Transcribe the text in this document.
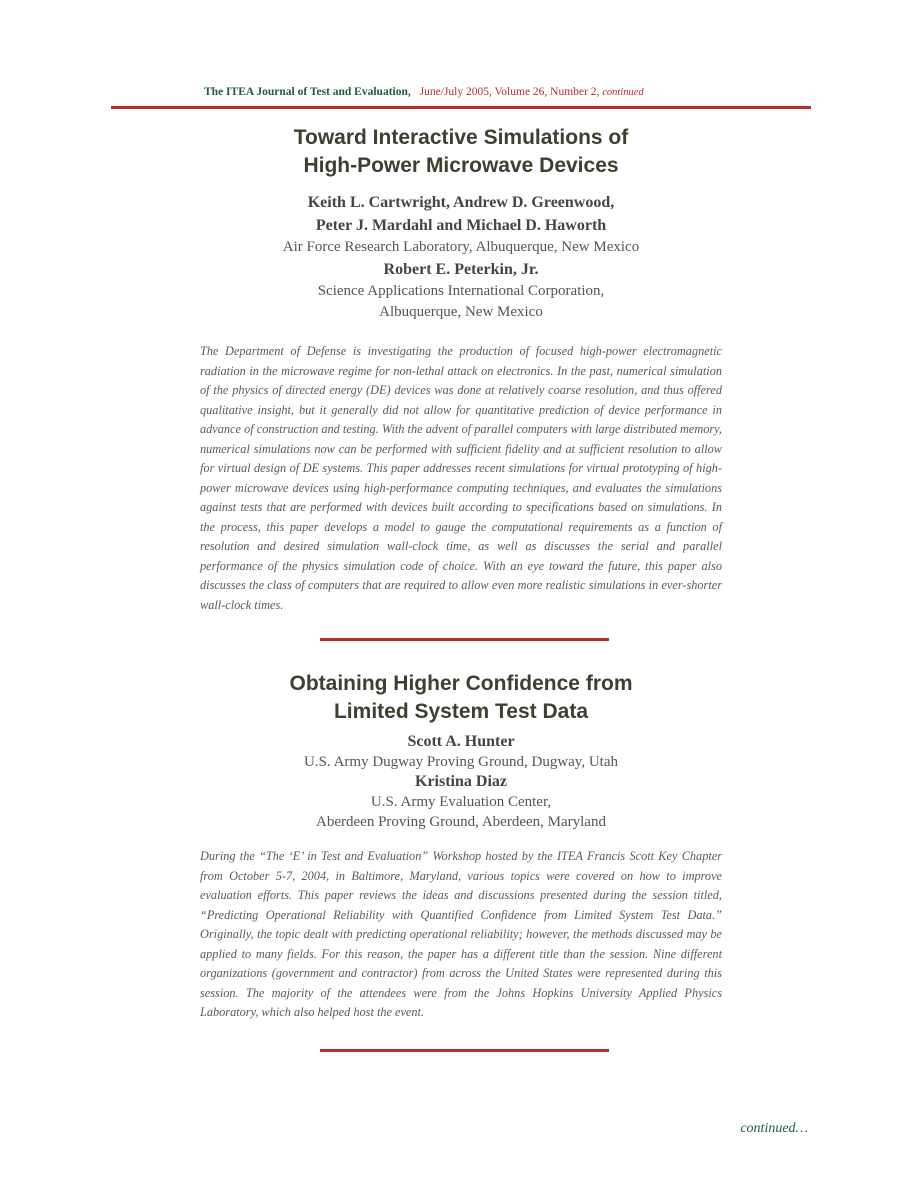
The ITEA Journal of Test and Evaluation, June/July 2005, Volume 26, Number 2, continued
Toward Interactive Simulations of
High-Power Microwave Devices
Keith L. Cartwright, Andrew D. Greenwood,
Peter J. Mardahl and Michael D. Haworth
Air Force Research Laboratory, Albuquerque, New Mexico
Robert E. Peterkin, Jr.
Science Applications International Corporation,
Albuquerque, New Mexico

The Department of Defense is investigating the production of focused high-power electromagnetic radiation in the microwave regime for non-lethal attack on electronics. In the past, numerical simulation of the physics of directed energy (DE) devices was done at relatively coarse resolution, and thus offered qualitative insight, but it generally did not allow for quantitative prediction of device performance in advance of construction and testing. With the advent of parallel computers with large distributed memory, numerical simulations now can be performed with sufficient fidelity and at sufficient resolution to allow for virtual design of DE systems. This paper addresses recent simulations for virtual prototyping of high-power microwave devices using high-performance computing techniques, and evaluates the simulations against tests that are performed with devices built according to specifications based on simulations. In the process, this paper develops a model to gauge the computational requirements as a function of resolution and desired simulation wall-clock time, as well as discusses the serial and parallel performance of the physics simulation code of choice. With an eye toward the future, this paper also discusses the class of computers that are required to allow even more realistic simulations in ever-shorter wall-clock times.

Obtaining Higher Confidence from
Limited System Test Data
Scott A. Hunter
U.S. Army Dugway Proving Ground, Dugway, Utah
Kristina Diaz
U.S. Army Evaluation Center,
Aberdeen Proving Ground, Aberdeen, Maryland

During the “The ‘E’ in Test and Evaluation” Workshop hosted by the ITEA Francis Scott Key Chapter from October 5-7, 2004, in Baltimore, Maryland, various topics were covered on how to improve evaluation efforts. This paper reviews the ideas and discussions presented during the session titled, “Predicting Operational Reliability with Quantified Confidence from Limited System Test Data.” Originally, the topic dealt with predicting operational reliability; however, the methods discussed may be applied to many fields. For this reason, the paper has a different title than the session. Nine different organizations (government and contractor) from across the United States were represented during this session. The majority of the attendees were from the Johns Hopkins University Applied Physics Laboratory, which also helped host the event.

continued…
